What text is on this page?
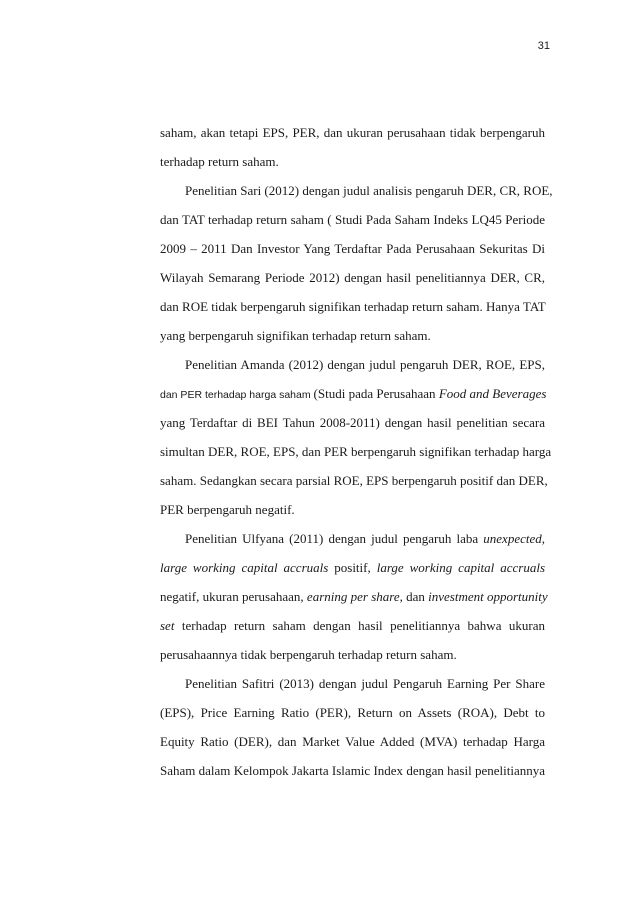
31
saham, akan tetapi EPS, PER, dan ukuran perusahaan tidak berpengaruh
terhadap return saham.
Penelitian Sari (2012) dengan judul analisis pengaruh DER, CR, ROE,
dan TAT terhadap return saham ( Studi Pada Saham Indeks LQ45 Periode
2009 – 2011 Dan Investor Yang Terdaftar Pada Perusahaan Sekuritas Di
Wilayah Semarang Periode 2012) dengan hasil penelitiannya DER, CR,
dan ROE tidak berpengaruh signifikan terhadap return saham. Hanya TAT
yang berpengaruh signifikan terhadap return saham.
Penelitian Amanda (2012) dengan judul pengaruh DER, ROE, EPS,
dan PER terhadap harga saham (Studi pada Perusahaan Food and Beverages
yang Terdaftar di BEI Tahun 2008-2011) dengan hasil penelitian secara
simultan DER, ROE, EPS, dan PER berpengaruh signifikan terhadap harga
saham. Sedangkan secara parsial ROE, EPS berpengaruh positif dan DER,
PER berpengaruh negatif.
Penelitian Ulfyana (2011) dengan judul pengaruh laba unexpected,
large working capital accruals positif, large working capital accruals
negatif, ukuran perusahaan, earning per share, dan investment opportunity
set terhadap return saham dengan hasil penelitiannya bahwa ukuran
perusahaannya tidak berpengaruh terhadap return saham.
Penelitian Safitri (2013) dengan judul Pengaruh Earning Per Share
(EPS), Price Earning Ratio (PER), Return on Assets (ROA), Debt to
Equity Ratio (DER), dan Market Value Added (MVA) terhadap Harga
Saham dalam Kelompok Jakarta Islamic Index dengan hasil penelitiannya
